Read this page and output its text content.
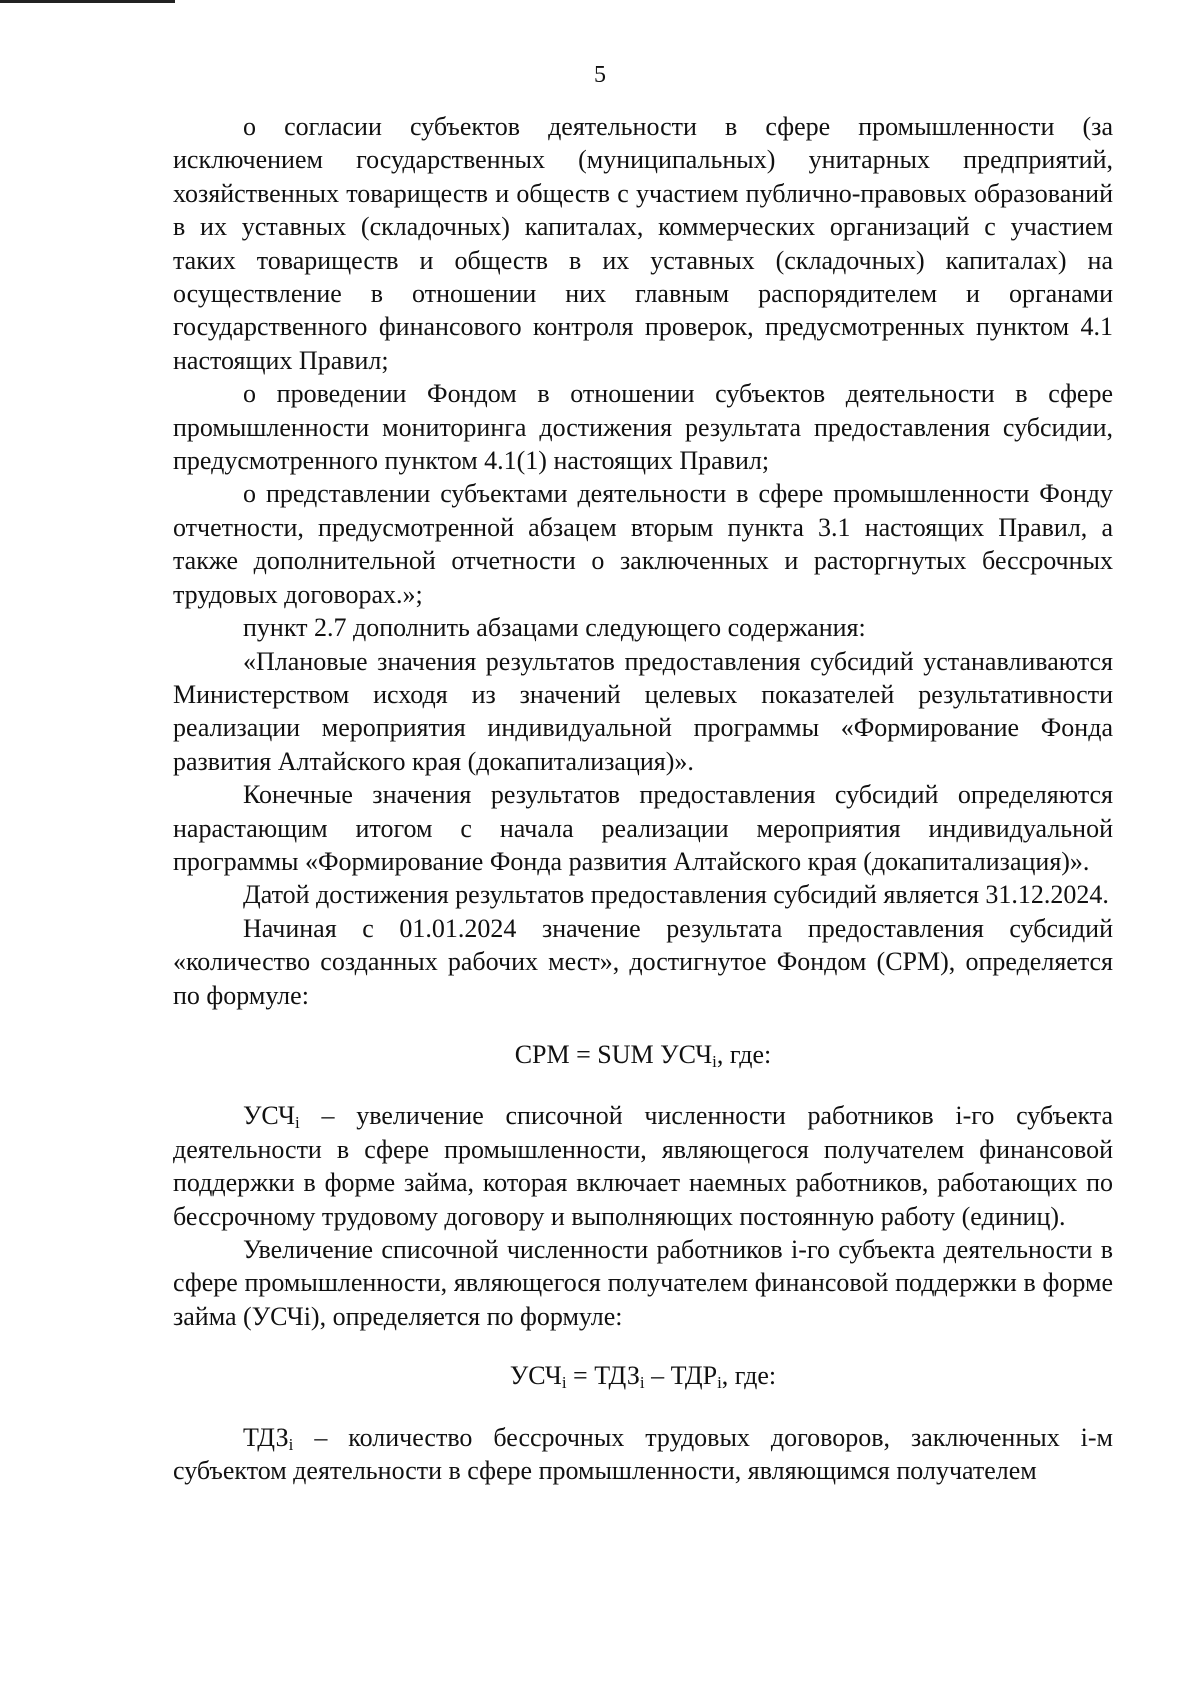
5

о согласии субъектов деятельности в сфере промышленности (за исключением государственных (муниципальных) унитарных предприятий, хозяйственных товариществ и обществ с участием публично-правовых образований в их уставных (складочных) капиталах, коммерческих организаций с участием таких товариществ и обществ в их уставных (складочных) капиталах) на осуществление в отношении них главным распорядителем и органами государственного финансового контроля проверок, предусмотренных пунктом 4.1 настоящих Правил;

о проведении Фондом в отношении субъектов деятельности в сфере промышленности мониторинга достижения результата предоставления субсидии, предусмотренного пунктом 4.1(1) настоящих Правил;

о представлении субъектами деятельности в сфере промышленности Фонду отчетности, предусмотренной абзацем вторым пункта 3.1 настоящих Правил, а также дополнительной отчетности о заключенных и расторгнутых бессрочных трудовых договорах.»;

пункт 2.7 дополнить абзацами следующего содержания:

«Плановые значения результатов предоставления субсидий устанавливаются Министерством исходя из значений целевых показателей результативности реализации мероприятия индивидуальной программы «Формирование Фонда развития Алтайского края (докапитализация)».

Конечные значения результатов предоставления субсидий определяются нарастающим итогом с начала реализации мероприятия индивидуальной программы «Формирование Фонда развития Алтайского края (докапитализация)».

Датой достижения результатов предоставления субсидий является 31.12.2024.

Начиная с 01.01.2024 значение результата предоставления субсидий «количество созданных рабочих мест», достигнутое Фондом (СРМ), определяется по формуле:

СРМ = SUM $УСЧ_i$, где:

$УСЧ_i$ – увеличение списочной численности работников i-го субъекта деятельности в сфере промышленности, являющегося получателем финансовой поддержки в форме займа, которая включает наемных работников, работающих по бессрочному трудовому договору и выполняющих постоянную работу (единиц).

Увеличение списочной численности работников i-го субъекта деятельности в сфере промышленности, являющегося получателем финансовой поддержки в форме займа (УСЧi), определяется по формуле:

$УСЧ_i = ТДЗ_i - ТДР_i$, где:

$ТДЗ_i$ – количество бессрочных трудовых договоров, заключенных i-м субъектом деятельности в сфере промышленности, являющимся получателем
